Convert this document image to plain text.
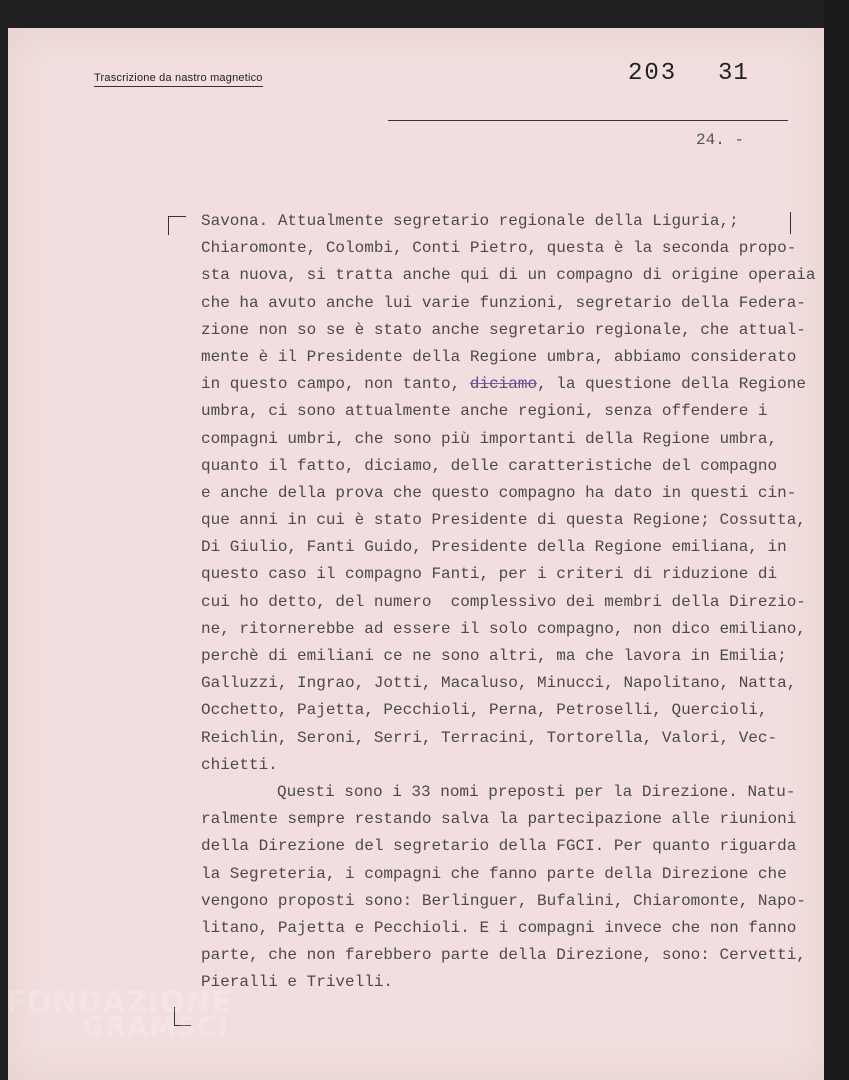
Trascrizione da nastro magnetico	203 31
24. -
Savona. Attualmente segretario regionale della Liguria,;
Chiaromonte, Colombi, Conti Pietro, questa è la seconda propo-
sta nuova, si tratta anche qui di un compagno di origine operaia
che ha avuto anche lui varie funzioni, segretario della Federa-
zione non so se è stato anche segretario regionale, che attual-
mente è il Presidente della Regione umbra, abbiamo considerato
in questo campo, non tanto, diciamo, la questione della Regione
umbra, ci sono attualmente anche regioni, senza offendere i
compagni umbri, che sono più importanti della Regione umbra,
quanto il fatto, diciamo, delle caratteristiche del compagno
e anche della prova che questo compagno ha dato in questi cin-
que anni in cui è stato Presidente di questa Regione; Cossutta,
Di Giulio, Fanti Guido, Presidente della Regione emiliana, in
questo caso il compagno Fanti, per i criteri di riduzione di
cui ho detto, del numero  complessivo dei membri della Direzio-
ne, ritornerebbe ad essere il solo compagno, non dico emiliano,
perchè di emiliani ce ne sono altri, ma che lavora in Emilia;
Galluzzi, Ingrao, Jotti, Macaluso, Minucci, Napolitano, Natta,
Occhetto, Pajetta, Pecchioli, Perna, Petroselli, Quercioli,
Reichlin, Seroni, Serri, Terracini, Tortorella, Valori, Vec-
chietti.
Questi sono i 33 nomi preposti per la Direzione. Natu-
ralmente sempre restando salva la partecipazione alle riunioni
della Direzione del segretario della FGCI. Per quanto riguarda
la Segreteria, i compagni che fanno parte della Direzione che
vengono proposti sono: Berlinguer, Bufalini, Chiaromonte, Napo-
litano, Pajetta e Pecchioli. E i compagni invece che non fanno
parte, che non farebbero parte della Direzione, sono: Cervetti,
Pieralli e Trivelli.
FONDAZIONE
GRAMSCI
